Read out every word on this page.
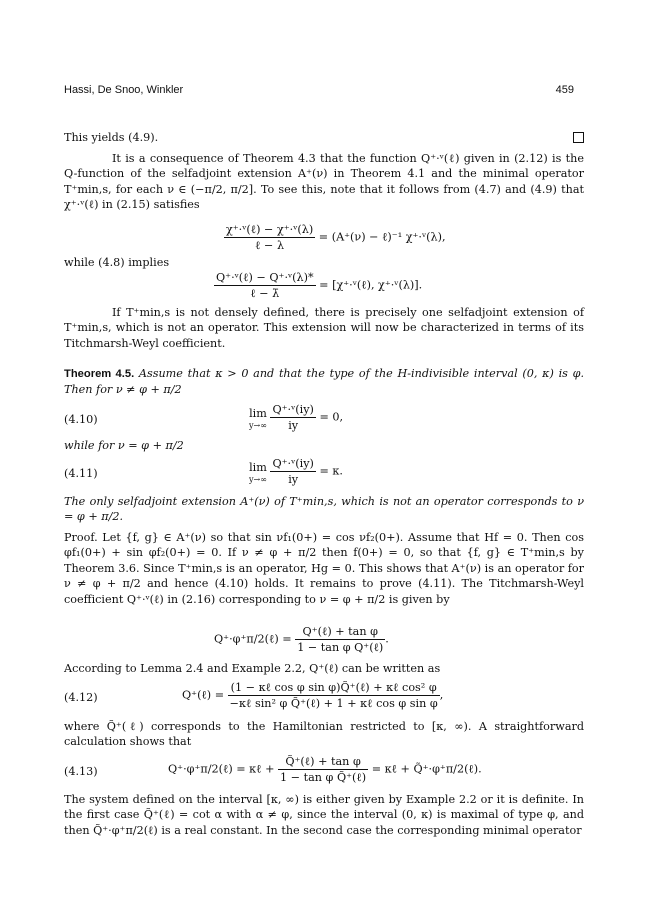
Hassi, De Snoo, Winkler	459
This yields (4.9).
It is a consequence of Theorem 4.3 that the function Q⁺·ᵛ(ℓ) given in (2.12) is the Q-function of the selfadjoint extension A⁺(ν) in Theorem 4.1 and the minimal operator T⁺min,s, for each ν ∈ (−π/2, π/2]. To see this, note that it follows from (4.7) and (4.9) that χ⁺·ᵛ(ℓ) in (2.15) satisfies
$\frac{\text{χ⁺·ᵛ(ℓ) − χ⁺·ᵛ(λ)}}{\text{ℓ − λ}} = (A^+(\nu)$ − ℓ)⁻¹ χ⁺·ᵛ(λ),
while (4.8) implies
$\frac{\text{Q⁺·ᵛ(ℓ) − Q⁺·ᵛ(λ)*}}{\text{ℓ − λ̄}}$ = [χ⁺·ᵛ(ℓ), χ⁺·ᵛ(λ)].
If T⁺min,s is not densely defined, there is precisely one selfadjoint extension of T⁺min,s, which is not an operator. This extension will now be characterized in terms of its Titchmarsh-Weyl coefficient.
Theorem 4.5. Assume that κ > 0 and that the type of the H-indivisible interval (0, κ) is φ. Then for ν ≠ φ + π/2
(4.10)	lim
y→∞
$\frac{\text{Q⁺·ᵛ(iy)}}{iy} = 0$,
while for ν = φ + π/2
(4.11)	lim
y→∞
$\frac{\text{Q⁺·ᵛ(iy)}}{iy} = \kappa$.
The only selfadjoint extension A⁺(ν) of T⁺min,s, which is not an operator corresponds to ν = φ + π/2.
Proof. Let {f, g} ∈ A⁺(ν) so that sin νf₁(0+) = cos νf₂(0+). Assume that Hf = 0. Then cos φf₁(0+) + sin φf₂(0+) = 0. If ν ≠ φ + π/2 then f(0+) = 0, so that {f, g} ∈ T⁺min,s by Theorem 3.6. Since T⁺min,s is an operator, Hg = 0. This shows that A⁺(ν) is an operator for ν ≠ φ + π/2 and hence (4.10) holds. It remains to prove (4.11). The Titchmarsh-Weyl coefficient Q⁺·ᵛ(ℓ) in (2.16) corresponding to ν = φ + π/2 is given by
Q⁺·φ⁺π/2(ℓ) = $\frac{\text{Q⁺(ℓ) + tan φ}}{\text{1 − tan φ Q⁺(ℓ)}}$ .
According to Lemma 2.4 and Example 2.2, Q⁺(ℓ) can be written as
(4.12)	Q⁺(ℓ) = $\frac{\text{(1 − κℓ cos φ sin φ)Q̃⁺(ℓ) + κℓ cos² φ}}{\text{−κℓ sin² φ Q̃⁺(ℓ) + 1 + κℓ cos φ sin φ}}$ ,
where Q̃⁺(ℓ) corresponds to the Hamiltonian restricted to [κ, ∞). A straightforward calculation shows that
(4.13)	Q⁺·φ⁺π/2(ℓ) = κℓ + $\frac{\text{Q̃⁺(ℓ) + tan φ}}{\text{1 − tan φ Q̃⁺(ℓ)}}$ = κℓ + Q̃⁺·φ⁺π/2(ℓ).
The system defined on the interval [κ, ∞) is either given by Example 2.2 or it is definite. In the first case Q̃⁺(ℓ) = cot α with α ≠ φ, since the interval (0, κ) is maximal of type φ, and then Q̃⁺·φ⁺π/2(ℓ) is a real constant. In the second case the corresponding minimal operator
